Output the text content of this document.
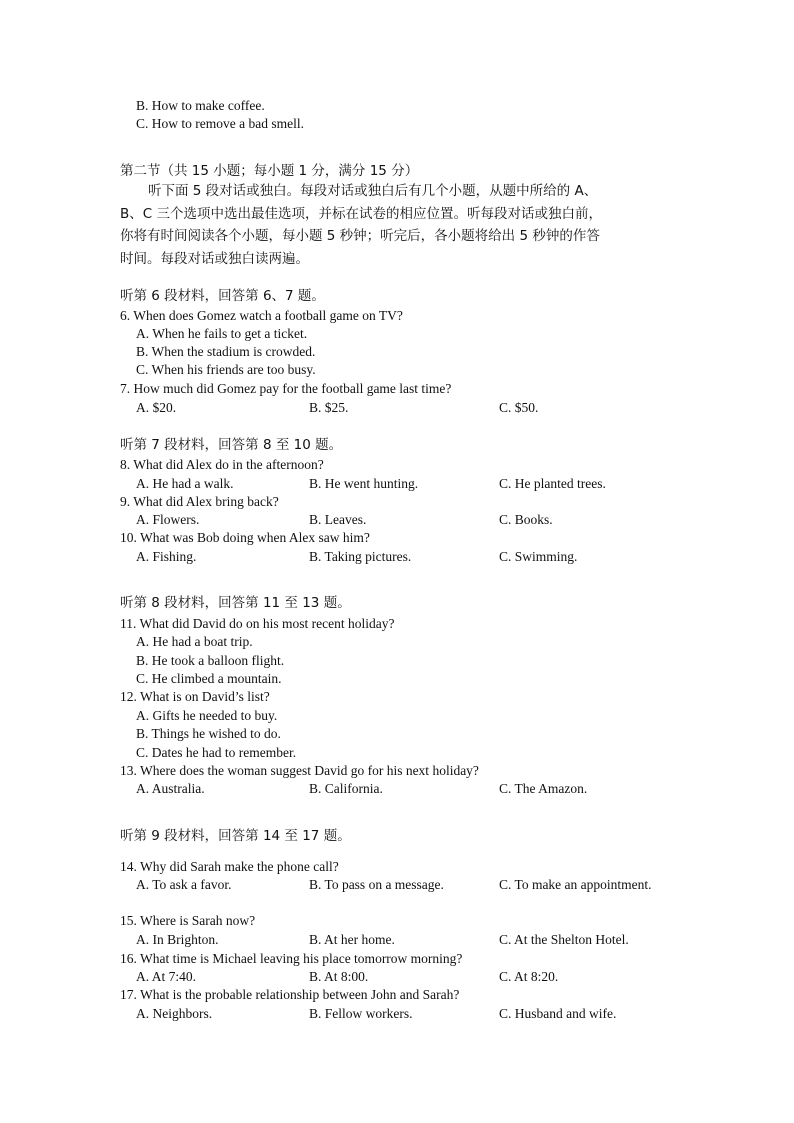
B. How to make coffee.
C. How to remove a bad smell.
第二节（共 15 小题；每小题 1 分，满分 15 分）
听下面 5 段对话或独白。每段对话或独白后有几个小题，从题中所给的 A、
B、C 三个选项中选出最佳选项，并标在试卷的相应位置。听每段对话或独白前，
你将有时间阅读各个小题，每小题 5 秒钟；听完后，各小题将给出 5 秒钟的作答
时间。每段对话或独白读两遍。
听第 6 段材料，回答第 6、7 题。
6. When does Gomez watch a football game on TV?
A. When he fails to get a ticket.
B. When the stadium is crowded.
C. When his friends are too busy.
7. How much did Gomez pay for the football game last time?
A. $20.	B. $25.	C. $50.
听第 7 段材料，回答第 8 至 10 题。
8. What did Alex do in the afternoon?
A. He had a walk.	B. He went hunting.	C. He planted trees.
9. What did Alex bring back?
A. Flowers.	B. Leaves.	C. Books.
10. What was Bob doing when Alex saw him?
A. Fishing.	B. Taking pictures.	C. Swimming.
听第 8 段材料，回答第 11 至 13 题。
11. What did David do on his most recent holiday?
A. He had a boat trip.
B. He took a balloon flight.
C. He climbed a mountain.
12. What is on David’s list?
A. Gifts he needed to buy.
B. Things he wished to do.
C. Dates he had to remember.
13. Where does the woman suggest David go for his next holiday?
A. Australia.	B. California.	C. The Amazon.
听第 9 段材料，回答第 14 至 17 题。
14. Why did Sarah make the phone call?
A. To ask a favor.	B. To pass on a message.	C. To make an appointment.
15. Where is Sarah now?
A. In Brighton.	B. At her home.	C. At the Shelton Hotel.
16. What time is Michael leaving his place tomorrow morning?
A. At 7:40.	B. At 8:00.	C. At 8:20.
17. What is the probable relationship between John and Sarah?
A. Neighbors.	B. Fellow workers.	C. Husband and wife.
